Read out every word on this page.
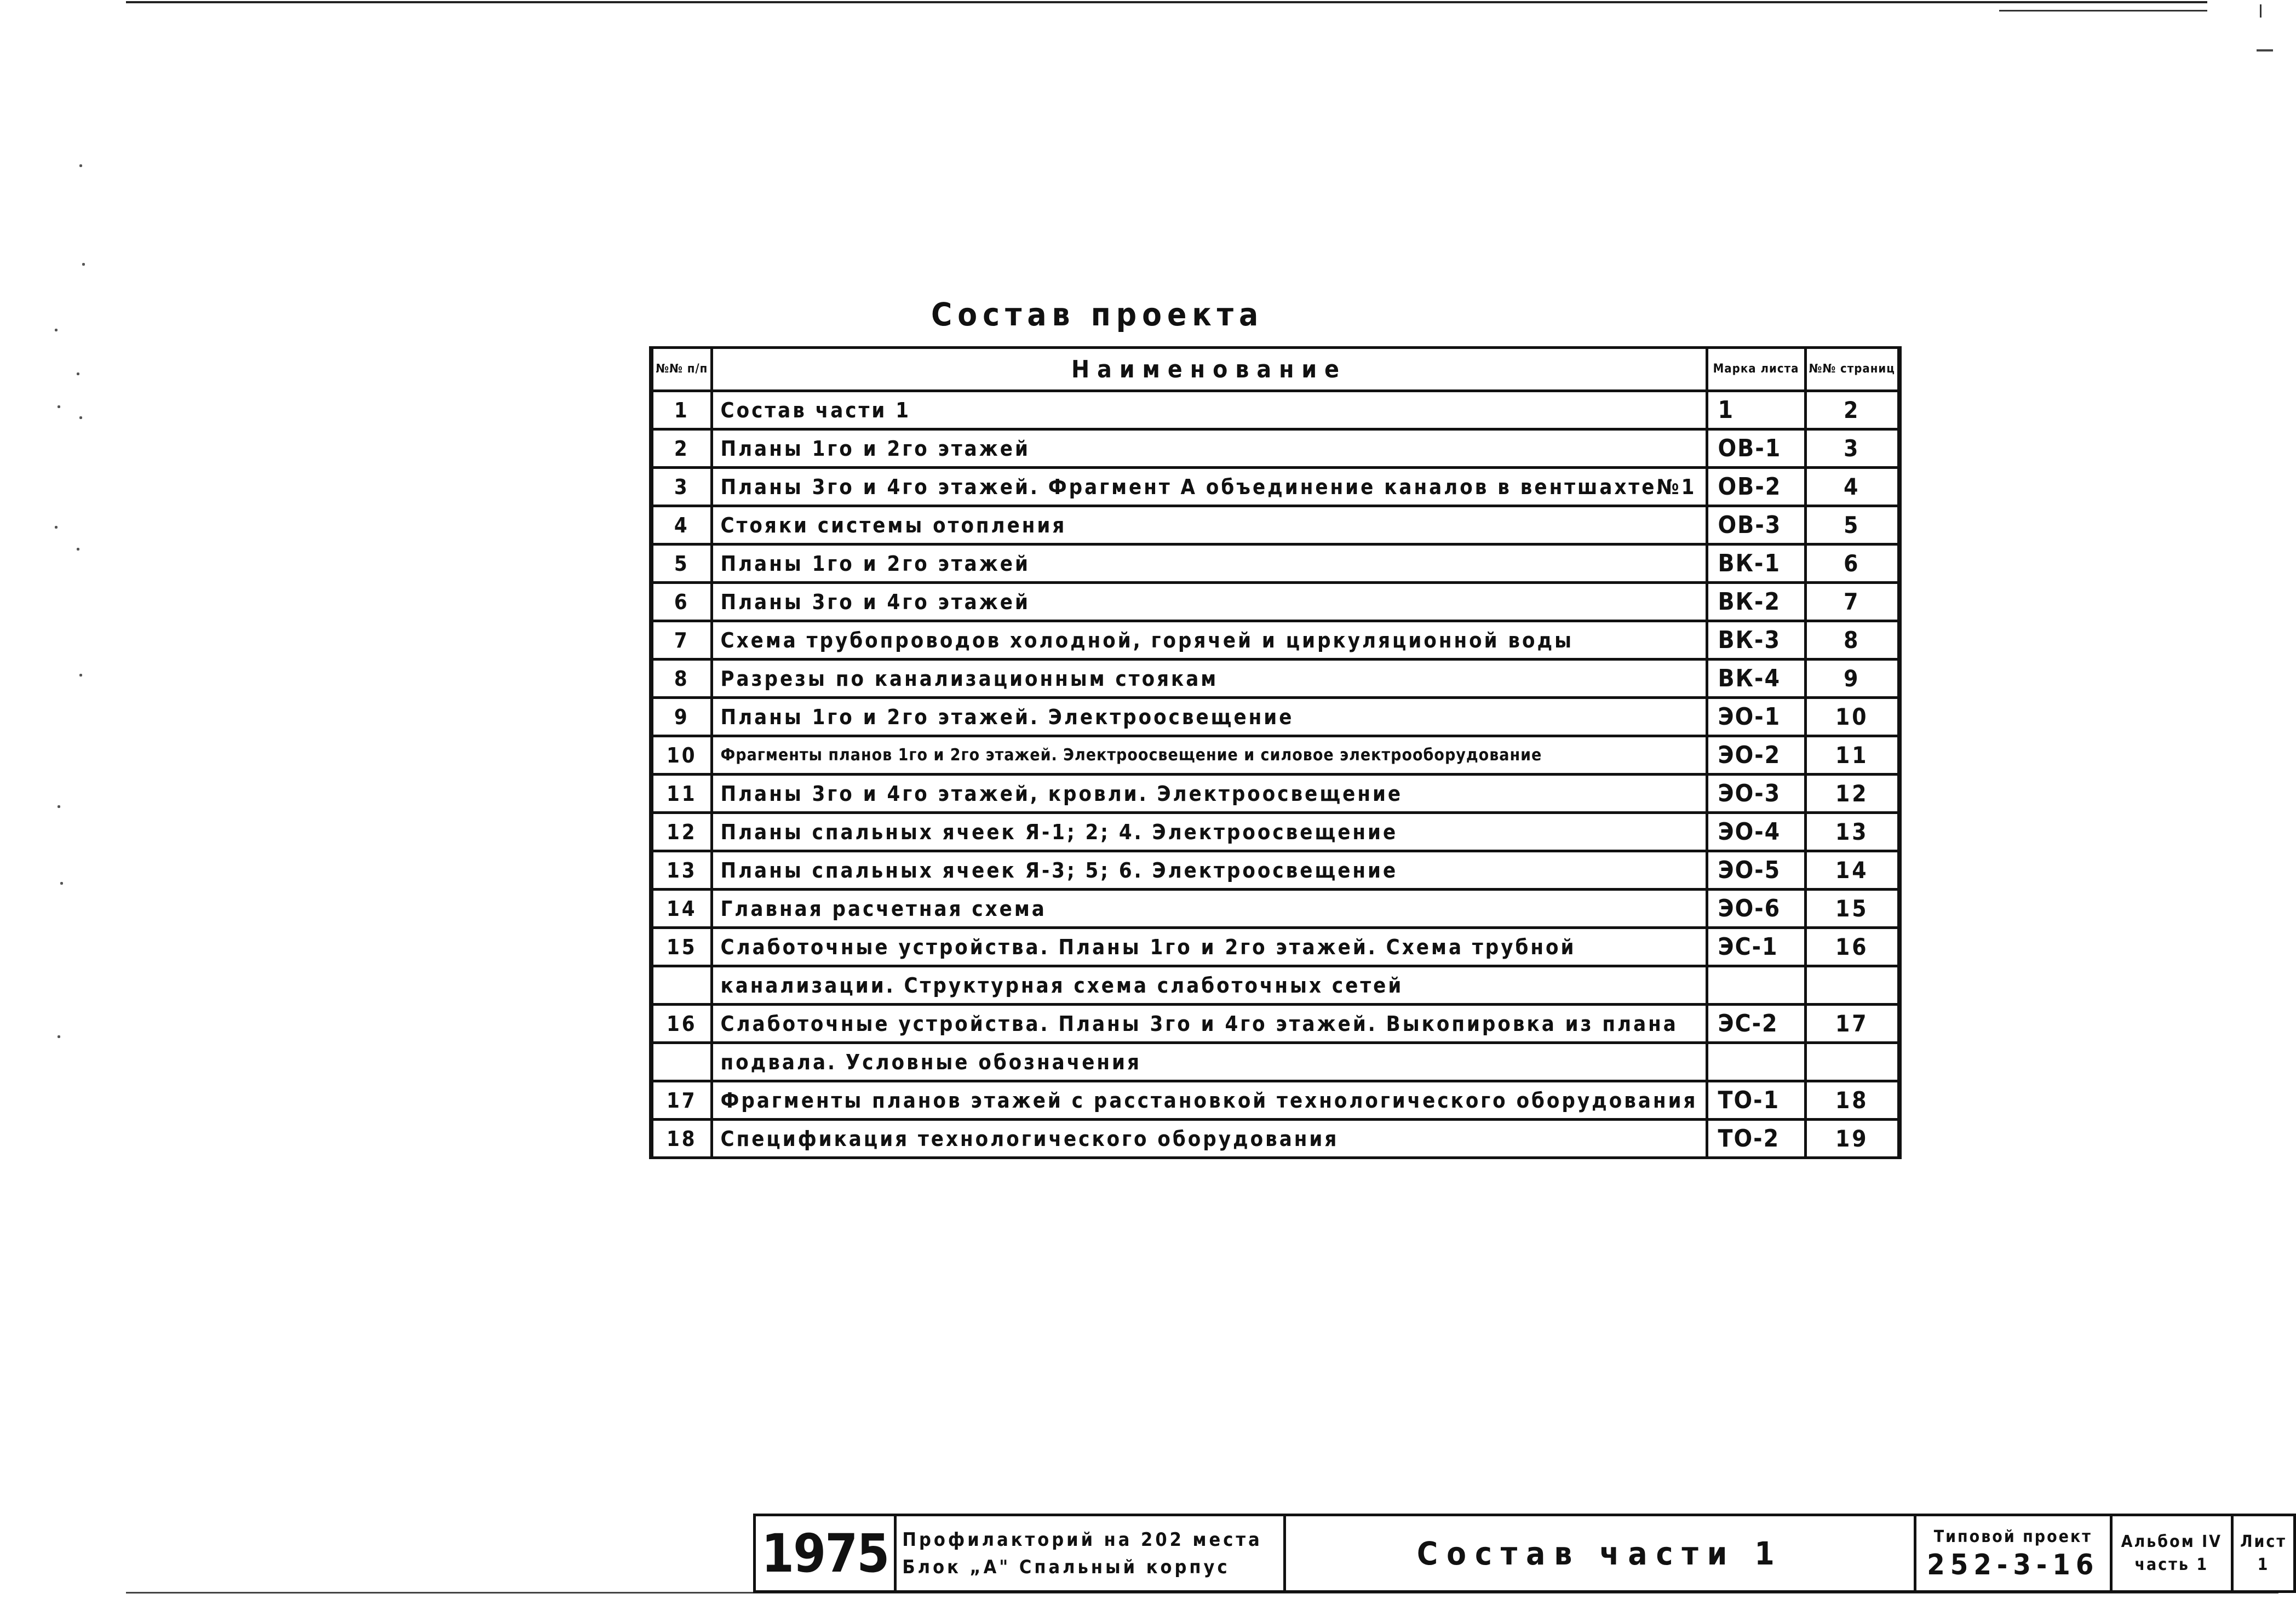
Состав проекта
№№ п/п	Наименование	Марка листа	№№ страниц
1	Состав части 1	1	2
2	Планы 1го и 2го этажей	ОВ-1	3
3	Планы 3го и 4го этажей. Фрагмент А объединение каналов в вентшахте№1	ОВ-2	4
4	Стояки системы отопления	ОВ-3	5
5	Планы 1го и 2го этажей	ВК-1	6
6	Планы 3го и 4го этажей	ВК-2	7
7	Схема трубопроводов холодной, горячей и циркуляционной воды	ВК-3	8
8	Разрезы по канализационным стоякам	ВК-4	9
9	Планы 1го и 2го этажей. Электроосвещение	ЭО-1	10
10	Фрагменты планов 1го и 2го этажей. Электроосвещение и силовое электрооборудование	ЭО-2	11
11	Планы 3го и 4го этажей, кровли. Электроосвещение	ЭО-3	12
12	Планы спальных ячеек Я-1; 2; 4. Электроосвещение	ЭО-4	13
13	Планы спальных ячеек Я-3; 5; 6. Электроосвещение	ЭО-5	14
14	Главная расчетная схема	ЭО-6	15
15	Слаботочные устройства. Планы 1го и 2го этажей. Схема трубной	ЭС-1	16
	канализации. Структурная схема слаботочных сетей		
16	Слаботочные устройства. Планы 3го и 4го этажей. Выкопировка из плана	ЭС-2	17
	подвала. Условные обозначения		
17	Фрагменты планов этажей с расстановкой технологического оборудования	ТО-1	18
18	Спецификация технологического оборудования	ТО-2	19
1975	Профилакторий на 202 места
Блок „А" Спальный корпус	Состав части 1	Типовой проект
252-3-16

Альбом IV
часть 1

Лист
1
